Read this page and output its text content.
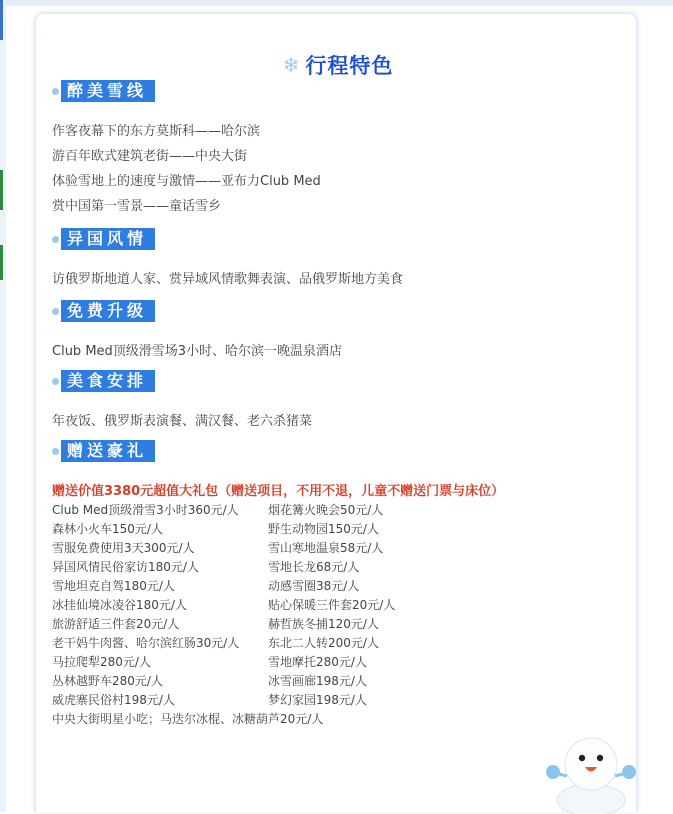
❄ 行程特色
醉美雪线
作客夜幕下的东方莫斯科——哈尔滨
游百年欧式建筑老街——中央大街
体验雪地上的速度与激情——亚布力Club Med
赏中国第一雪景——童话雪乡
异国风情
访俄罗斯地道人家、赏异域风情歌舞表演、品俄罗斯地方美食
免费升级
Club Med顶级滑雪场3小时、哈尔滨一晚温泉酒店
美食安排
年夜饭、俄罗斯表演餐、满汉餐、老六杀猪菜
赠送豪礼
赠送价值3380元超值大礼包（赠送项目，不用不退，儿童不赠送门票与床位）
Club Med顶级滑雪3小时360元/人 烟花篝火晚会50元/人
森林小火车150元/人	野生动物园150元/人
雪服免费使用3天300元/人	雪山寒地温泉58元/人
异国风情民俗家访180元/人	雪地长龙68元/人
雪地坦克自驾180元/人	动感雪圈38元/人
冰挂仙境冰凌谷180元/人	贴心保暖三件套20元/人
旅游舒适三件套20元/人	赫哲族冬捕120元/人
老干妈牛肉酱、哈尔滨红肠30元/人 东北二人转200元/人
马拉爬犁280元/人	雪地摩托280元/人
丛林越野车280元/人	冰雪画廊198元/人
威虎寨民俗村198元/人	梦幻家园198元/人
中央大街明星小吃；马迭尔冰棍、冰糖葫芦20元/人
